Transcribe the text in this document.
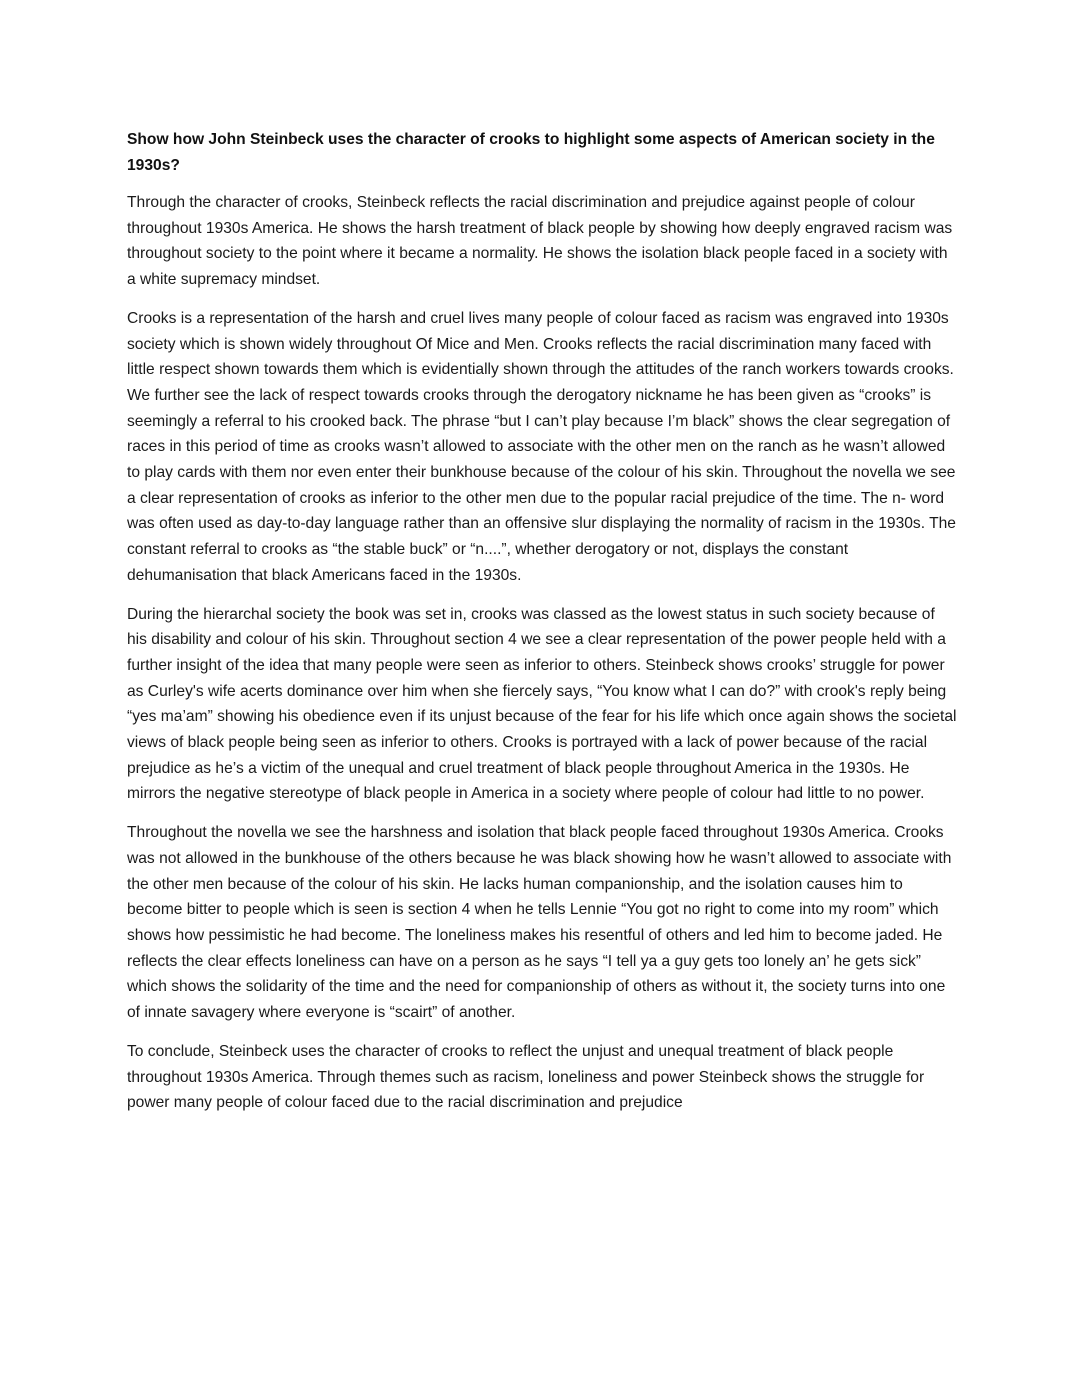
Show how John Steinbeck uses the character of crooks to highlight some aspects of American society in the 1930s?

Through the character of crooks, Steinbeck reflects the racial discrimination and prejudice against people of colour throughout 1930s America. He shows the harsh treatment of black people by showing how deeply engraved racism was throughout society to the point where it became a normality. He shows the isolation black people faced in a society with a white supremacy mindset.

Crooks is a representation of the harsh and cruel lives many people of colour faced as racism was engraved into 1930s society which is shown widely throughout Of Mice and Men. Crooks reflects the racial discrimination many faced with little respect shown towards them which is evidentially shown through the attitudes of the ranch workers towards crooks. We further see the lack of respect towards crooks through the derogatory nickname he has been given as “crooks” is seemingly a referral to his crooked back. The phrase “but I can’t play because I’m black” shows the clear segregation of races in this period of time as crooks wasn’t allowed to associate with the other men on the ranch as he wasn’t allowed to play cards with them nor even enter their bunkhouse because of the colour of his skin. Throughout the novella we see a clear representation of crooks as inferior to the other men due to the popular racial prejudice of the time. The n- word was often used as day-to-day language rather than an offensive slur displaying the normality of racism in the 1930s. The constant referral to crooks as “the stable buck” or “n....”, whether derogatory or not, displays the constant dehumanisation that black Americans faced in the 1930s.

During the hierarchal society the book was set in, crooks was classed as the lowest status in such society because of his disability and colour of his skin. Throughout section 4 we see a clear representation of the power people held with a further insight of the idea that many people were seen as inferior to others. Steinbeck shows crooks’ struggle for power as Curley's wife acerts dominance over him when she fiercely says, “You know what I can do?” with crook's reply being “yes ma’am” showing his obedience even if its unjust because of the fear for his life which once again shows the societal views of black people being seen as inferior to others. Crooks is portrayed with a lack of power because of the racial prejudice as he’s a victim of the unequal and cruel treatment of black people throughout America in the 1930s. He mirrors the negative stereotype of black people in America in a society where people of colour had little to no power.

Throughout the novella we see the harshness and isolation that black people faced throughout 1930s America. Crooks was not allowed in the bunkhouse of the others because he was black showing how he wasn’t allowed to associate with the other men because of the colour of his skin. He lacks human companionship, and the isolation causes him to become bitter to people which is seen is section 4 when he tells Lennie “You got no right to come into my room” which shows how pessimistic he had become. The loneliness makes his resentful of others and led him to become jaded. He reflects the clear effects loneliness can have on a person as he says “I tell ya a guy gets too lonely an’ he gets sick” which shows the solidarity of the time and the need for companionship of others as without it, the society turns into one of innate savagery where everyone is “scairt” of another.

To conclude, Steinbeck uses the character of crooks to reflect the unjust and unequal treatment of black people throughout 1930s America. Through themes such as racism, loneliness and power Steinbeck shows the struggle for power many people of colour faced due to the racial discrimination and prejudice
